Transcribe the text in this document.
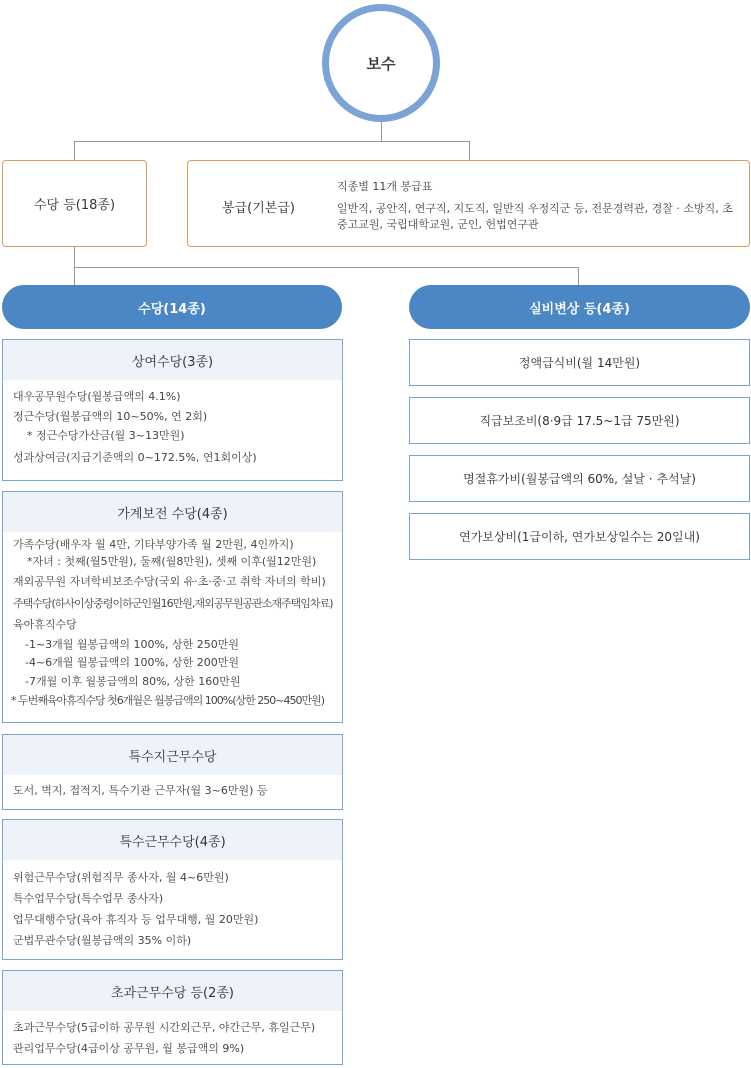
보수
수당 등(18종)	봉급(기본급)
직종별 11개 봉급표
일반직, 공안직, 연구직, 지도직, 일반직 우정직군 등, 전문경력관, 경찰 · 소방직, 초중고교원, 국립대학교원, 군인, 헌법연구관
수당(14종)	실비변상 등(4종)
상여수당(3종)
대우공무원수당(월봉급액의 4.1%)
정근수당(월봉급액의 10~50%, 연 2회)
* 정근수당가산금(월 3~13만원)
성과상여금(지급기준액의 0~172.5%, 연1회이상)
가계보전 수당(4종)
가족수당(배우자 월 4만, 기타부양가족 월 2만원, 4인까지)
*자녀 : 첫째(월5만원), 둘째(월8만원), 셋째 이후(월12만원)
재외공무원 자녀학비보조수당(국외 유·초·중·고 취학 자녀의 학비)
주택수당(하사이상중령이하군인월16만원,재외공무원공관소재주택임차료)
육아휴직수당
-1~3개월 월봉급액의 100%, 상한 250만원
-4~6개월 월봉급액의 100%, 상한 200만원
-7개월 이후 월봉급액의 80%, 상한 160만원
* 두번째육아휴직수당 첫6개월은 월봉급액의 100%(상한 250~450만원)
특수지근무수당
도서, 벽지, 접적지, 특수기관 근무자(월 3~6만원) 등
특수근무수당(4종)
위험근무수당(위험직무 종사자, 월 4~6만원)
특수업무수당(특수업무 종사자)
업무대행수당(육아 휴직자 등 업무대행, 월 20만원)
군법무관수당(월봉급액의 35% 이하)
초과근무수당 등(2종)
초과근무수당(5급이하 공무원 시간외근무, 야간근무, 휴일근무)
관리업무수당(4급이상 공무원, 월 봉급액의 9%)
정액급식비(월 14만원)
직급보조비(8·9급 17.5~1급 75만원)
명절휴가비(월봉급액의 60%, 설날 · 추석날)
연가보상비(1급이하, 연가보상일수는 20일내)
